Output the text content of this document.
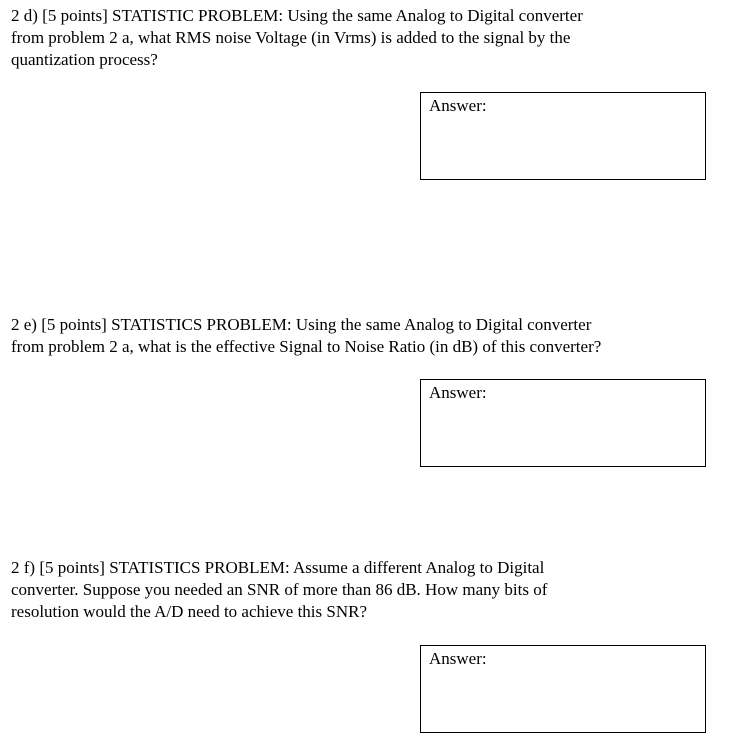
2 d) [5 points] STATISTIC PROBLEM: Using the same Analog to Digital converter
from problem 2 a, what RMS noise Voltage (in Vrms) is added to the signal by the
quantization process?
Answer:
2 e) [5 points] STATISTICS PROBLEM: Using the same Analog to Digital converter
from problem 2 a, what is the effective Signal to Noise Ratio (in dB) of this converter?
Answer:
2 f) [5 points] STATISTICS PROBLEM: Assume a different Analog to Digital
converter. Suppose you needed an SNR of more than 86 dB. How many bits of
resolution would the A/D need to achieve this SNR?
Answer:
